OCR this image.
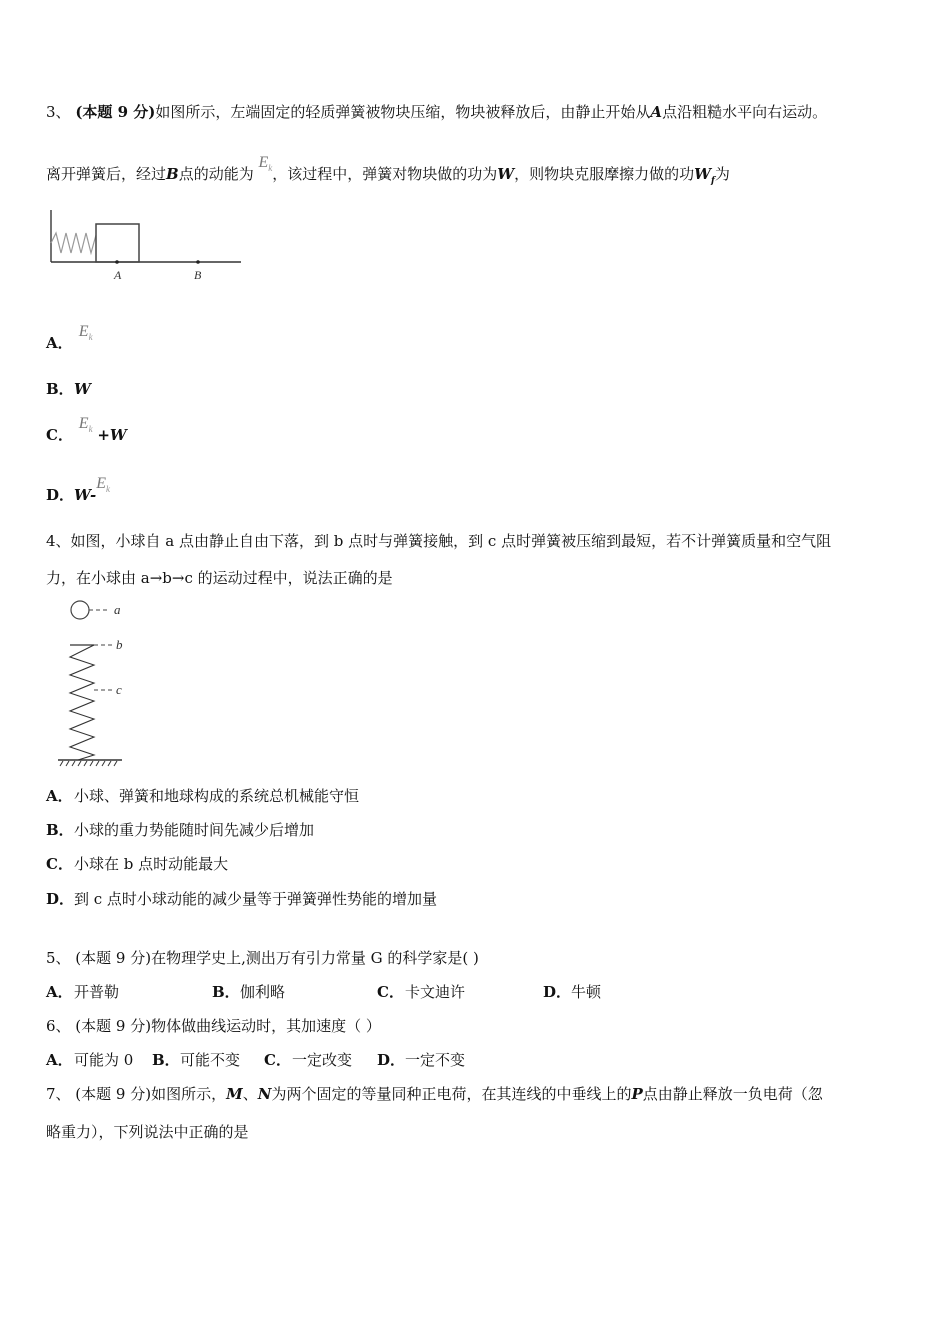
3、 (本题 9 分)如图所示，左端固定的轻质弹簧被物块压缩，物块被释放后，由静止开始从A点沿粗糙水平向右运动。
离开弹簧后，经过B点的动能为 $E_k$，该过程中，弹簧对物块做的功为W，则物块克服摩擦力做的功$W_f$为
A	B
A． $E_k$
B．W
C． $E_k +W$
D．$W-E_k$
4、如图，小球自 a 点由静止自由下落，到 b 点时与弹簧接触，到 c 点时弹簧被压缩到最短，若不计弹簧质量和空气阻
力，在小球由 a→b→c 的运动过程中，说法正确的是
a
b
c
A．小球、弹簧和地球构成的系统总机械能守恒
B．小球的重力势能随时间先减少后增加
C．小球在 b 点时动能最大
D．到 c 点时小球动能的减少量等于弹簧弹性势能的增加量
5、 (本题 9 分)在物理学史上,测出万有引力常量 G 的科学家是( )
A．开普勒	B．伽利略	C．卡文迪许	D．牛顿
6、 (本题 9 分)物体做曲线运动时，其加速度（ ）
A．可能为 0 B．可能不变 C．一定改变 D．一定不变
7、 (本题 9 分)如图所示，M、N为两个固定的等量同种正电荷，在其连线的中垂线上的P点由静止释放一负电荷（忽
略重力），下列说法中正确的是
